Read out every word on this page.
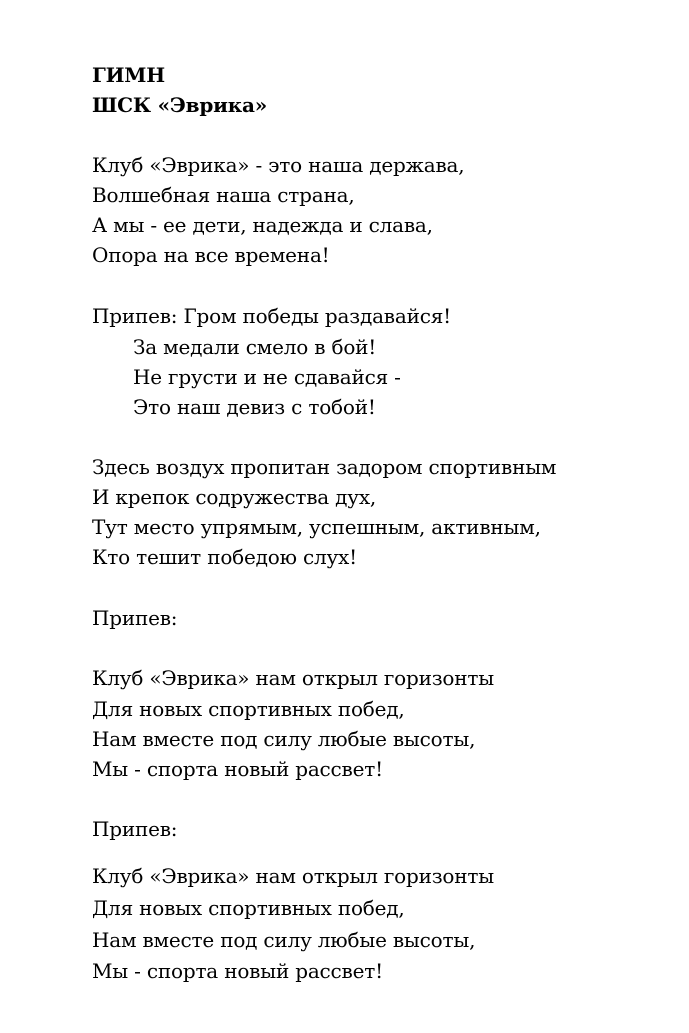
ГИМН
ШСК «Эврика»
Клуб «Эврика» - это наша держава,
Волшебная наша страна,
А мы - ее дети, надежда и слава,
Опора на все времена!
Припев: Гром победы раздавайся!
За медали смело в бой!
Не грусти и не сдавайся -
Это наш девиз с тобой!
Здесь воздух пропитан задором спортивным
И крепок содружества дух,
Тут место упрямым, успешным, активным,
Кто тешит победою слух!
Припев:
Клуб «Эврика» нам открыл горизонты
Для новых спортивных побед,
Нам вместе под силу любые высоты,
Мы - спорта новый рассвет!
Припев:
Клуб «Эврика» нам открыл горизонты
Для новых спортивных побед,
Нам вместе под силу любые высоты,
Мы - спорта новый рассвет!
